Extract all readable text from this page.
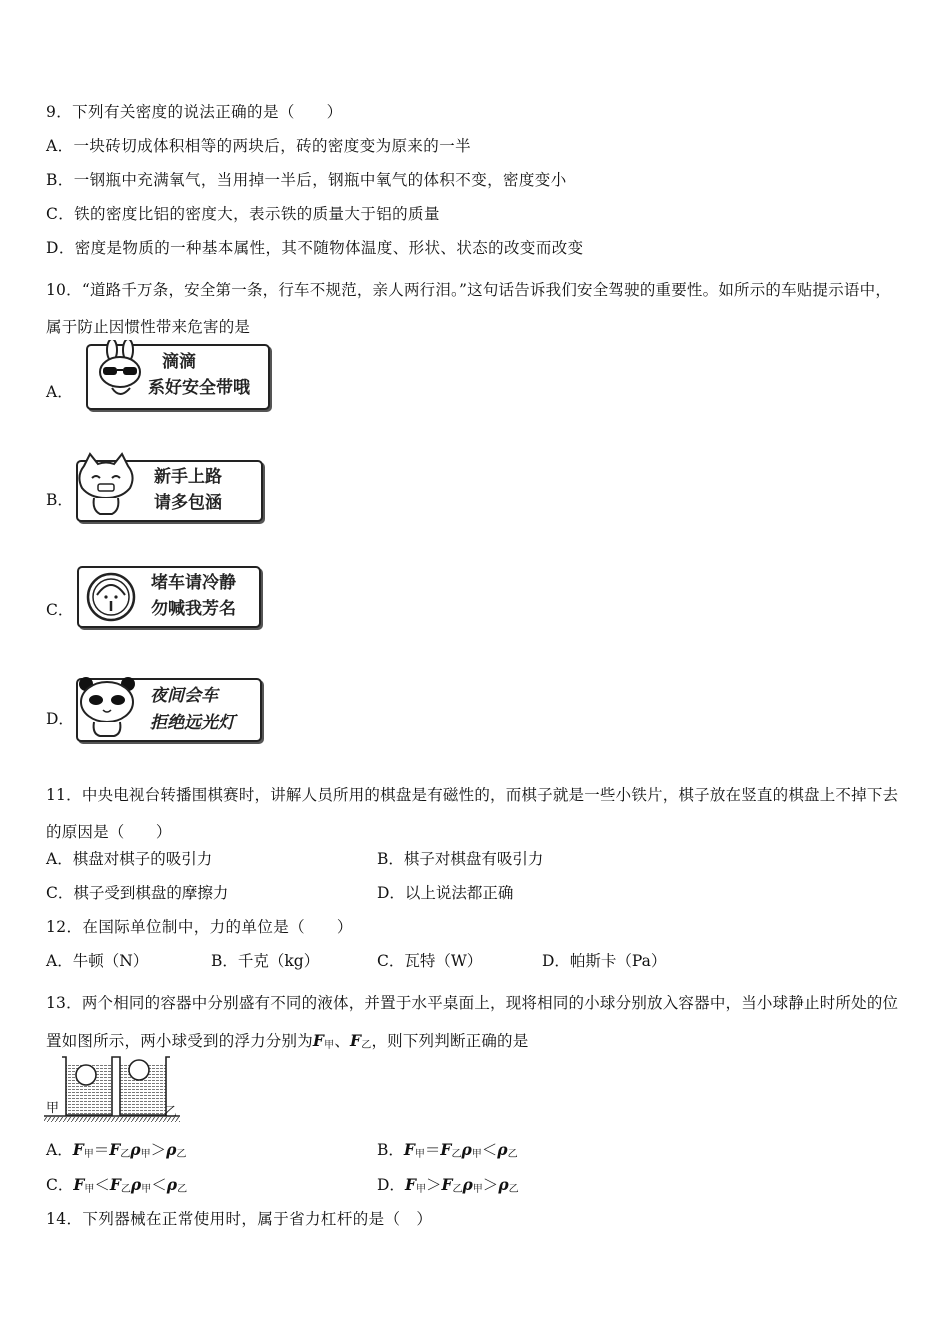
9．下列有关密度的说法正确的是（　　）
A．一块砖切成体积相等的两块后，砖的密度变为原来的一半
B．一钢瓶中充满氧气，当用掉一半后，钢瓶中氧气的体积不变，密度变小
C．铁的密度比铝的密度大，表示铁的质量大于铝的质量
D．密度是物质的一种基本属性，其不随物体温度、形状、状态的改变而改变
10．“道路千万条，安全第一条，行车不规范，亲人两行泪。”这句话告诉我们安全驾驶的重要性。如所示的车贴提示语中，属于防止因惯性带来危害的是
A．
滴滴
系好安全带哦
B．
新手上路
请多包涵
C．
堵车请冷静
勿喊我芳名
D．
夜间会车
拒绝远光灯
11．中央电视台转播围棋赛时，讲解人员所用的棋盘是有磁性的，而棋子就是一些小铁片，棋子放在竖直的棋盘上不掉下去的原因是（　　）
A．棋盘对棋子的吸引力	B．棋子对棋盘有吸引力
C．棋子受到棋盘的摩擦力	D．以上说法都正确
12．在国际单位制中，力的单位是（　　）
A．牛顿（N）	B．千克（kg）	C．瓦特（W）	D．帕斯卡（Pa）
13．两个相同的容器中分别盛有不同的液体，并置于水平桌面上，现将相同的小球分别放入容器中，当小球静止时所处的位置如图所示，两小球受到的浮力分别为$F_甲$、$F_乙$，则下列判断正确的是
甲	乙
A．$F_甲=F_乙\rho_甲>\rho_乙$	B．$F_甲=F_乙\rho_甲<\rho_乙$
C．$F_甲<F_乙\rho_甲<\rho_乙$	D．$F_甲>F_乙\rho_甲>\rho_乙$
14．下列器械在正常使用时，属于省力杠杆的是（　）
